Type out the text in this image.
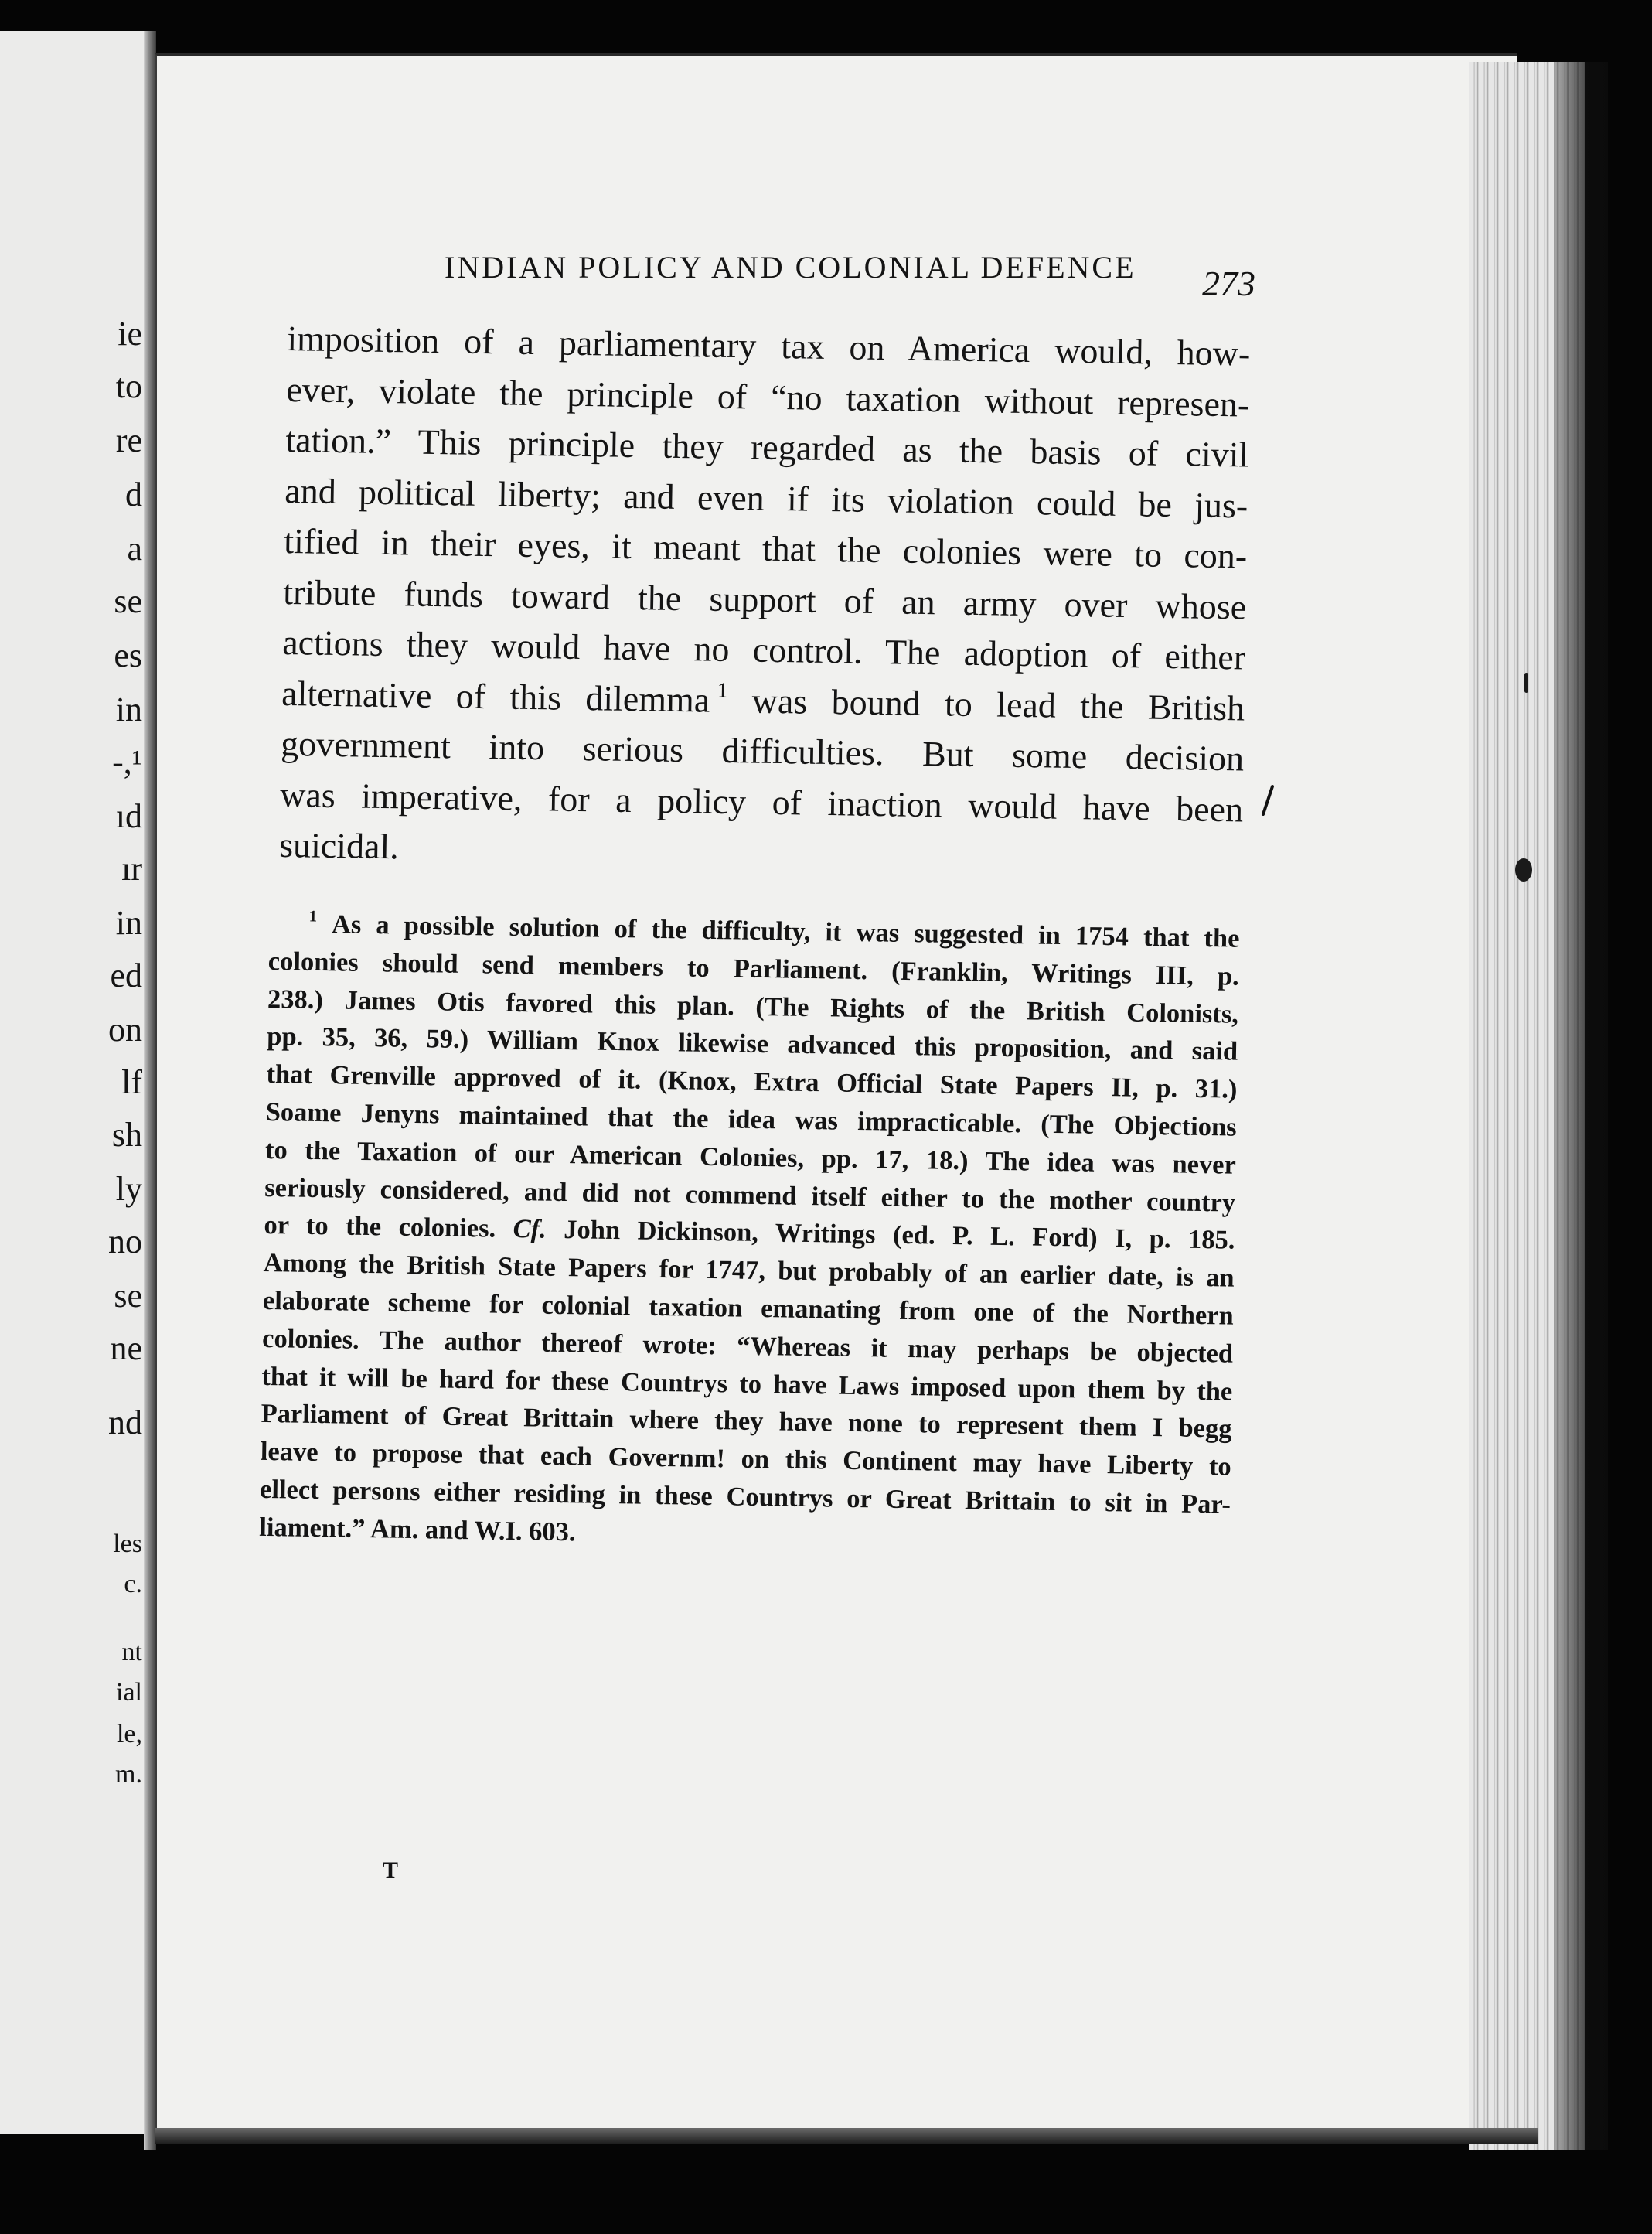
ie
to
re
d
a
se
es
in
-,¹
ıd
ır
in
ed
on
lf
sh
ly
no
se
ne
nd
les
c.
nt
ial
le,
m.
INDIAN POLICY AND COLONIAL DEFENCE 273
imposition of a parliamentary tax on America would, how-
ever, violate the principle of “no taxation without represen-
tation.” This principle they regarded as the basis of civil
and political liberty; and even if its violation could be jus-
tified in their eyes, it meant that the colonies were to con-
tribute funds toward the support of an army over whose
actions they would have no control. The adoption of either
alternative of this dilemma  $^1$ was bound to lead the British
government into serious difficulties. But some decision
was imperative, for a policy of inaction would have been
suicidal.
$^1$ As a possible solution of the difficulty, it was suggested in 1754 that the
colonies should send members to Parliament. (Franklin, Writings III, p.
238.) James Otis favored this plan. (The Rights of the British Colonists,
pp. 35, 36, 59.) William Knox likewise advanced this proposition, and said
that Grenville approved of it. (Knox, Extra Official State Papers II, p. 31.)
Soame Jenyns maintained that the idea was impracticable. (The Objections
to the Taxation of our American Colonies, pp. 17, 18.) The idea was never
seriously considered, and did not commend itself either to the mother country
or to the colonies. Cf. John Dickinson, Writings (ed. P. L. Ford) I, p. 185.
Among the British State Papers for 1747, but probably of an earlier date, is an
elaborate scheme for colonial taxation emanating from one of the Northern
colonies. The author thereof wrote: “Whereas it may perhaps be objected
that it will be hard for these Countrys to have Laws imposed upon them by the
Parliament of Great Brittain where they have none to represent them I begg
leave to propose that each Governm! on this Continent may have Liberty to
ellect persons either residing in these Countrys or Great Brittain to sit in Par-
liament.” Am. and W.I. 603.
T
